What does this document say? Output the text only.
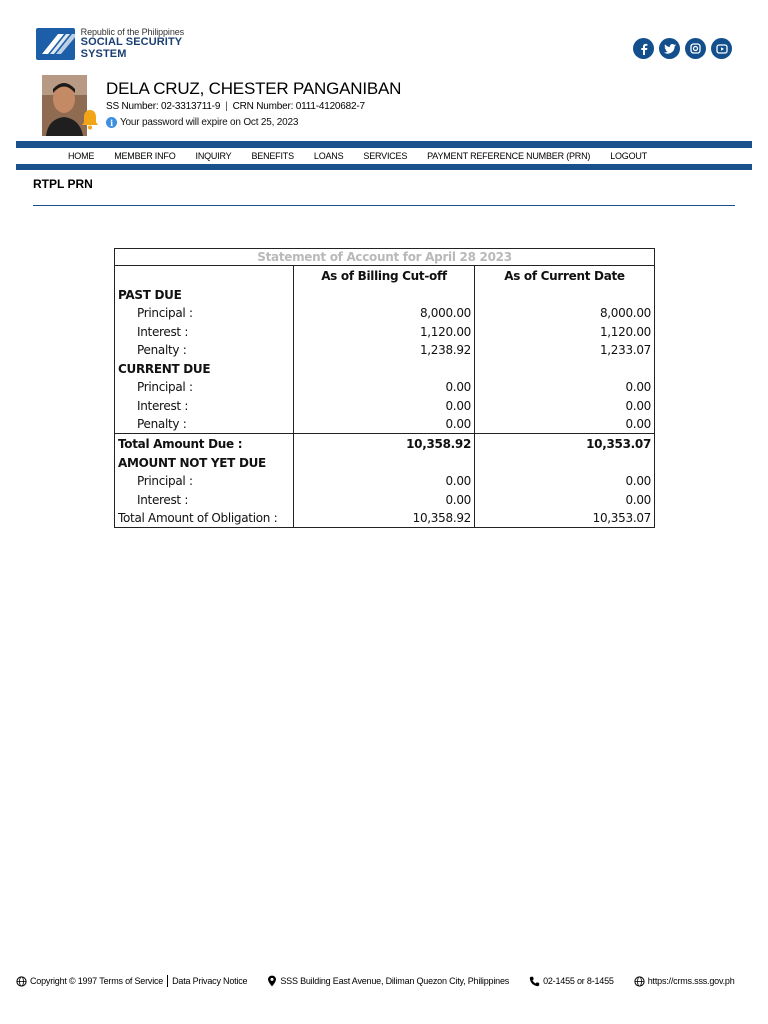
Republic of the Philippines
SOCIAL SECURITY SYSTEM
DELA CRUZ, CHESTER PANGANIBAN
SS Number: 02-3313711-9 | CRN Number: 0111-4120682-7
i Your password will expire on Oct 25, 2023
HOME MEMBER INFO INQUIRY BENEFITS LOANS SERVICES PAYMENT REFERENCE NUMBER (PRN) LOGOUT
RTPL PRN
Statement of Account for April 28 2023		
	As of Billing Cut-off	As of Current Date
PAST DUE		
Principal :	8,000.00	8,000.00
Interest :	1,120.00	1,120.00
Penalty :	1,238.92	1,233.07
CURRENT DUE		
Principal :	0.00	0.00
Interest :	0.00	0.00
Penalty :	0.00	0.00
Total Amount Due :	10,358.92	10,353.07
AMOUNT NOT YET DUE		
Principal :	0.00	0.00
Interest :	0.00	0.00
Total Amount of Obligation :	10,358.92	10,353.07
Copyright © 1997
Terms of Service Data Privacy Notice	SSS Building East Avenue, Diliman Quezon City, Philippines	02-1455 or 8-1455	https://crms.sss.gov.ph
